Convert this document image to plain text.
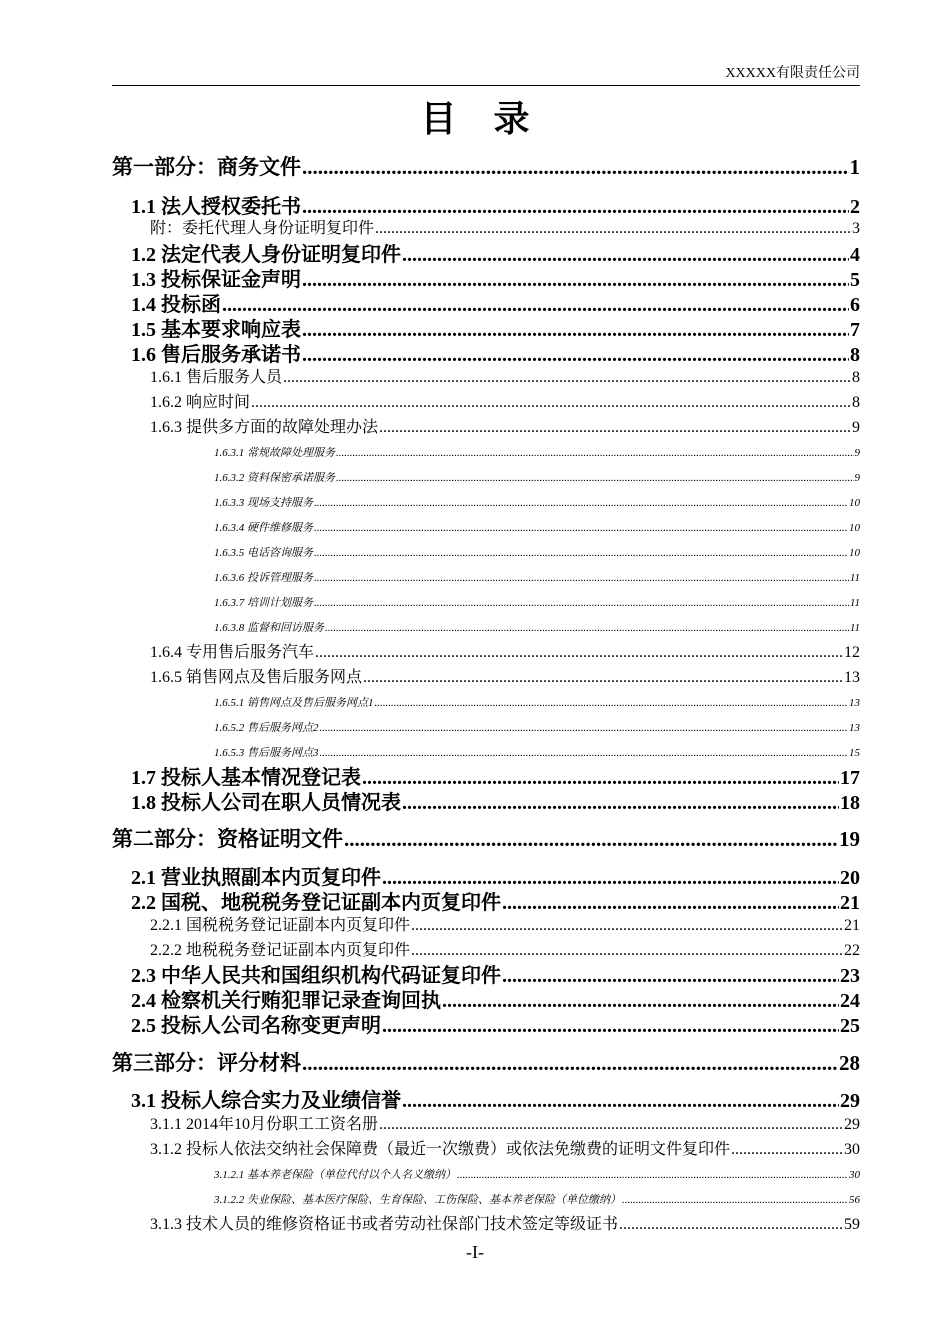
XXXXX有限责任公司
目 录
第一部分：商务文件 .....	1
1.1 法人授权委托书 .....	2
附：委托代理人身份证明复印件 .....	3
1.2 法定代表人身份证明复印件 .....	4
1.3 投标保证金声明 .....	5
1.4 投标函 .....	6
1.5 基本要求响应表 .....	7
1.6 售后服务承诺书 .....	8
1.6.1 售后服务人员 .....	8
1.6.2 响应时间 .....	8
1.6.3 提供多方面的故障处理办法 .....	9
1.6.3.1 常规故障处理服务 .....	9
1.6.3.2 资料保密承诺服务 .....	9
1.6.3.3 现场支持服务 .....	10
1.6.3.4 硬件维修服务 .....	10
1.6.3.5 电话咨询服务 .....	10
1.6.3.6 投诉管理服务 .....	11
1.6.3.7 培训计划服务 .....	11
1.6.3.8 监督和回访服务 .....	11
1.6.4 专用售后服务汽车 .....	12
1.6.5 销售网点及售后服务网点 .....	13
1.6.5.1 销售网点及售后服务网点1 .....	13
1.6.5.2 售后服务网点2 .....	13
1.6.5.3 售后服务网点3 .....	15
1.7 投标人基本情况登记表 .....	17
1.8 投标人公司在职人员情况表 .....	18
第二部分：资格证明文件 .....	19
2.1 营业执照副本内页复印件 .....	20
2.2 国税、地税税务登记证副本内页复印件 .....	21
2.2.1 国税税务登记证副本内页复印件 .....	21
2.2.2 地税税务登记证副本内页复印件 .....	22
2.3 中华人民共和国组织机构代码证复印件 .....	23
2.4 检察机关行贿犯罪记录查询回执 .....	24
2.5 投标人公司名称变更声明 .....	25
第三部分：评分材料 .....	28
3.1 投标人综合实力及业绩信誉 .....	29
3.1.1 2014年10月份职工工资名册 .....	29
3.1.2 投标人依法交纳社会保障费（最近一次缴费）或依法免缴费的证明文件复印件 .....	30
3.1.2.1 基本养老保险（单位代付以个人名义缴纳） .....	30
3.1.2.2 失业保险、基本医疗保险、生育保险、工伤保险、基本养老保险（单位缴纳） .....	56
3.1.3 技术人员的维修资格证书或者劳动社保部门技术签定等级证书 .....	59
-I-
